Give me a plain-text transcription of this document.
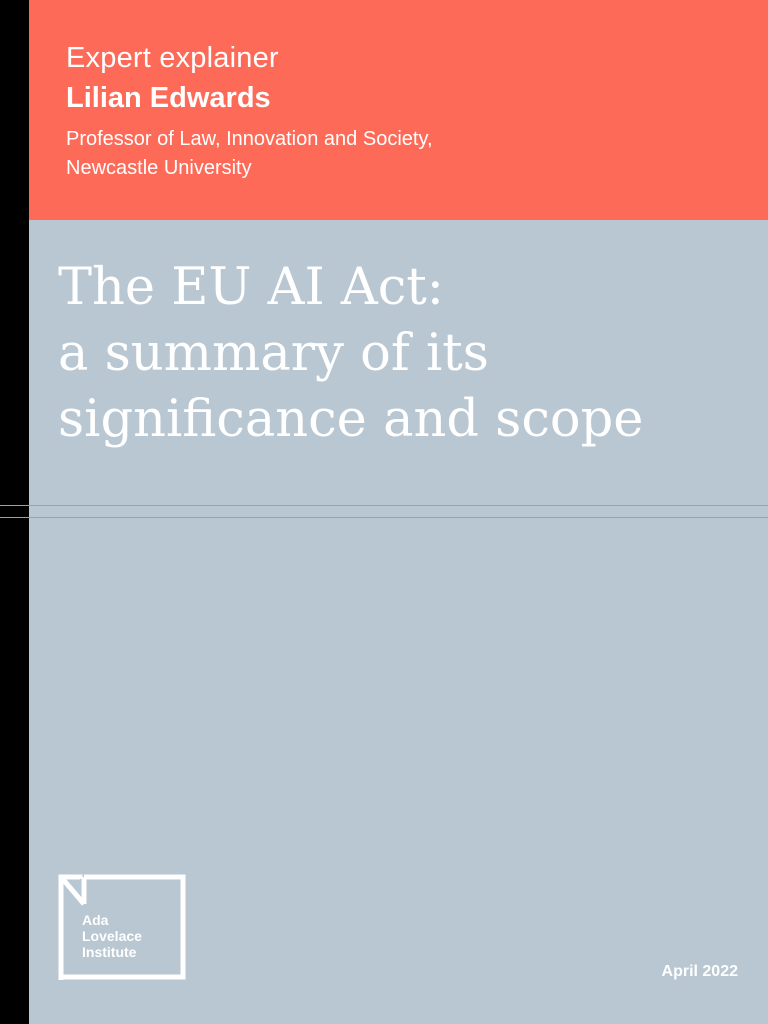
Expert explainer
Lilian Edwards
Professor of Law, Innovation and Society,
Newcastle University
The EU AI Act:
a summary of its
significance and scope
Ada
Lovelace
Institute
April 2022
